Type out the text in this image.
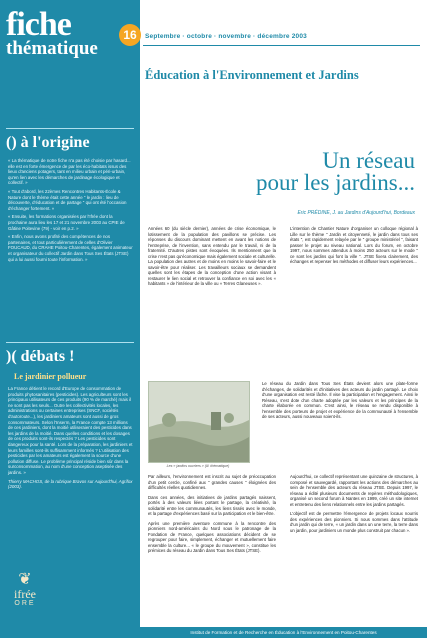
fiche
thématique
() à l'origine

« La thématique de notre fiche n'a pas été choisie par hasard... elle est en forte émergence de par les éco-habitats issus des lieux d'anciens potagers, tant en milieu urbain et péri-urbain, qu'en lien avec les démarches de jardinage écologique et collectif. »

« Tout d'abord, les 22èmes Rencontres Habitants-École & Nature dont le thème était cette année " le jardin : lieu de découverte, d'éducation et de partage " qui ont été l'occasion d'échanger fortement. »

« Ensuite, les formations organisées par l'Ifrée dont la prochaine aura lieu les 17 et 21 novembre 2003 au CPIE de Gâtine Poitevine (79) - voir en p.2. »

« Enfin, nous avons profité des compétences de nos partenaires, et tout particulièrement de celles d'Olivier FOUCAUD, du CRAHE Poitou-Charentes, également animateur et organisateur du collectif Jardin dans Tous Ses États (JTSE) qui a lui aussi fourni toute l'information. »

)( débats !
Le jardinier pollueur

La France détient le record d'Europe de consommation de produits phytosanitaires (pesticides). Les agriculteurs sont les principaux utilisateurs de ces produits (90 % de marché) mais il ne sont pas les seuls... Outre les collectivités locales, les administrations ou certaines entreprises (SNCF, sociétés d'autoroute...), les jardiniers amateurs sont aussi de gros consommateurs. Selon l'Inserm, la France compte 13 millions de ces jardiniers, dont la moitié utiliseraient des pesticides dans les jardins de la moitié. Dans quelles conditions et les dosages de ces produits sont-ils respectés ? Les pesticides sont dangereux pour la santé. Lors de la préparation, les jardiniers et leurs familles sont-ils suffisamment informés ? L'utilisation des pesticides par les amateurs est également la source d'une pollution diffuse. Le problème principal réside bien sûr dans la surconsommation, au nom d'une conception aseptisée des jardins. »

Thierry MACHOS, de la rubrique Bravos sur Aujourd'hui, Agrifox (2003).

❦
ifrée
ORE
16	Septembre · octobre · novembre · décembre 2003
Éducation à l'Environnement et Jardins
Un réseau
pour les jardins...
Eric PRÉDINE, J. au Jardins d'Aujourd'hui, Bordeaux

Années 60 (du siècle dernier), années de crise économique, le lotissement de la population des pavillons se précise. Les réponses du discours dominant mettent en avant les notions de l'entreprise, de l'invention, sans entendu par le travail, ni de la fraternité. D'autres pistes sont évoquées. Ils mentionnent que la crise n'est pas qu'économique mais également sociale et culturelle. La population des autres et de moins en moins le savoir-faire et le savoir-être pour réaliser. Les travailleurs sociaux se demandent quelles sont les étapes de la conception d'une action visant à restaurer le lien social et retrouver la confiance en soi avec les « habitants » de l'intérieur de la ville ou « Terres Glaneuses ».

L'intention de Chantier Nature d'organiser un colloque régional à Lille sur le thème " Jardin et citoyenneté, le jardin dans tous ses états ", est rapidement relayée par le " groupe ministériel ", faisant passer le projet au niveau national. Lors du forum, en octobre 1997, nous sommes attendus à moins 250 acteurs sur le mode " ce sont les jardins qui font la ville ". JTSE fixera clairement, des échanges et repenser les méthodes et diffuser leurs expériences...

Les « jardins ouvriers » (ill. thématique)

Le réseau du Jardin dans Tous Ses États devient alors une plate-forme d'échanges, de solidarités et d'initiatives des acteurs du jardin partagé. Le choix d'une organisation est resté lâche. Il vise la participation et l'engagement. Ainsi le Réseau, s'est dote d'un charte adoptée par les valeurs et les principes de la charte élaborée en commun. C'est ainsi, le réseau se rendu disponible à l'ensemble des porteurs de projet et expérience de la communauté à l'ensemble de ses acteurs, aussi nouveaux soient-ils.

Par ailleurs, l'environnement est inscrit au sujet de préoccupation d'un petit cercle, confiné aux " grandes causes " éloignées des difficultés réelles quotidiennes.

Dans ces années, des initiatives de jardins partagés naissent, portés à des valeurs liées portant le partage, la créativité, la solidarité entre les communautés, les liens tissés avec le monde, et la partage d'expériences basé sur la participation et le bien-être.

Après une première aventure commune à la rencontre des pionniers nord-américains du Nord sous le patronage de la Fondation de France, quelques associations décident de se regrouper pour faire, simplement, échanger et mutuellement faire ensemble la culture... « le groupe du mouvement », constitue les prémices du réseau du Jardin dans Tous Ses États (JTSE).

Aujourd'hui, ce collectif représentant une quinzaine de structures, à composé et sauvegardé, rapportant les actions des démarches au sein de l'ensemble des acteurs du réseau JTSE. Depuis 1997, le réseau a édité plusieurs documents de repères méthodologiques, organisé un second forum à Nantes en 1999, créé un site internet et entretenu des liens relationnels entre les jardins partagés.

L'objectif est de permettre l'émergence de projets locaux nourris des expériences des pionniers. Si nous sommes dans l'attitude d'un jardin qui de terre, « un jardin dans un une terre, la terre dans un jardin, pour jardiniers un monde plus construit par chacun ».

Institut de Formation et de Recherche en Éducation à l'Environnement en Poitou-Charentes
